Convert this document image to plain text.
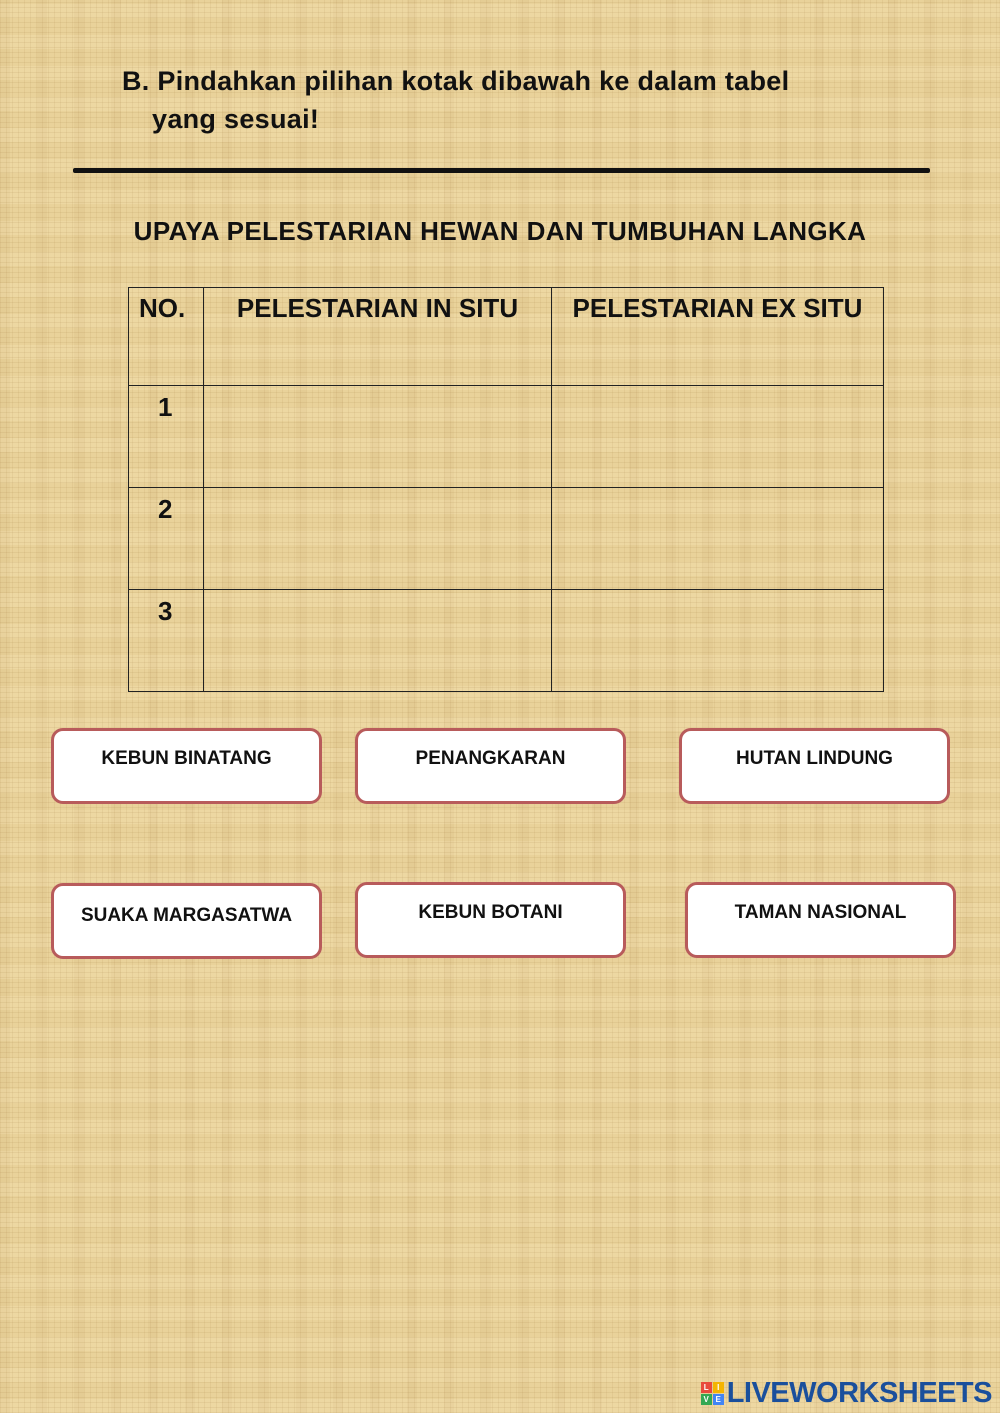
B. Pindahkan pilihan kotak dibawah ke dalam tabel
yang sesuai!
UPAYA PELESTARIAN HEWAN DAN TUMBUHAN LANGKA
NO.	PELESTARIAN IN SITU	PELESTARIAN EX SITU
1		
2		
3		
KEBUN BINATANG	PENANGKARAN	HUTAN LINDUNG
SUAKA MARGASATWA	KEBUN BOTANI	TAMAN NASIONAL
L	I
V E LIVEWORKSHEETS
